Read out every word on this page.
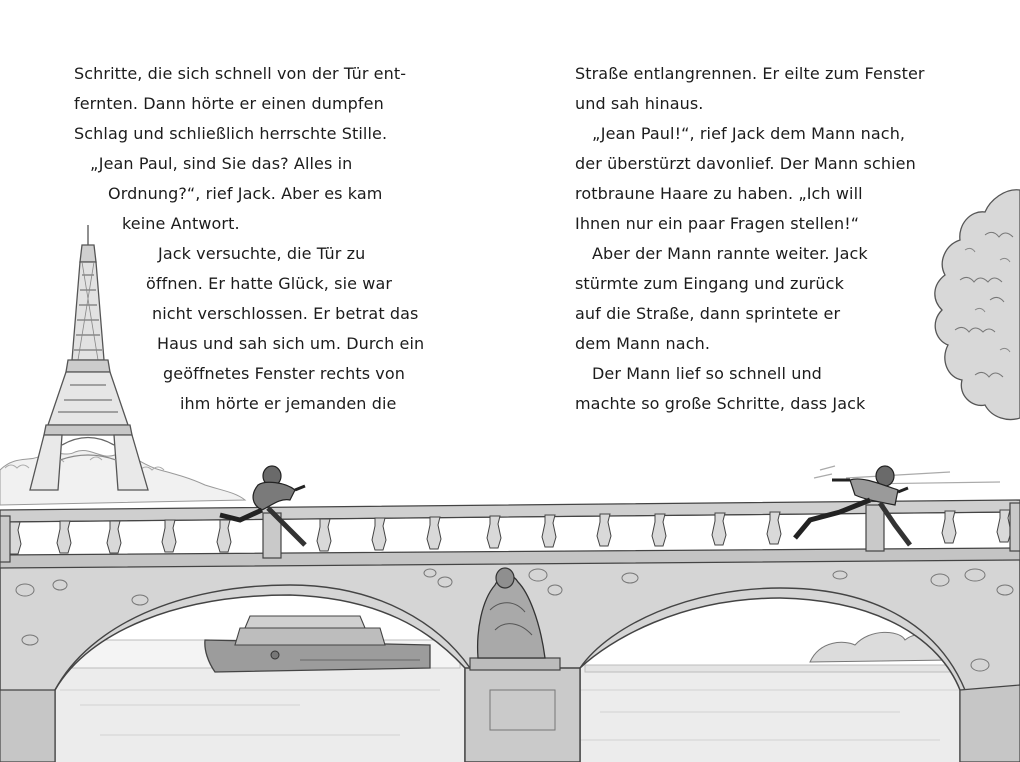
Schritte, die sich schnell von der Tür ent-
fernten. Dann hörte er einen dumpfen
Schlag und schließlich herrschte Stille.
„Jean Paul, sind Sie das? Alles in
Ordnung?“, rief Jack. Aber es kam
keine Antwort.
Jack versuchte, die Tür zu
öffnen. Er hatte Glück, sie war
nicht verschlossen. Er betrat das
Haus und sah sich um. Durch ein
geöffnetes Fenster rechts von
ihm hörte er jemanden die
Straße entlangrennen. Er eilte zum Fenster
und sah hinaus.
„Jean Paul!“, rief Jack dem Mann nach,
der überstürzt davonlief. Der Mann schien
rotbraune Haare zu haben. „Ich will
Ihnen nur ein paar Fragen stellen!“
Aber der Mann rannte weiter. Jack
stürmte zum Eingang und zurück
auf die Straße, dann sprintete er
dem Mann nach.
Der Mann lief so schnell und
machte so große Schritte, dass Jack
